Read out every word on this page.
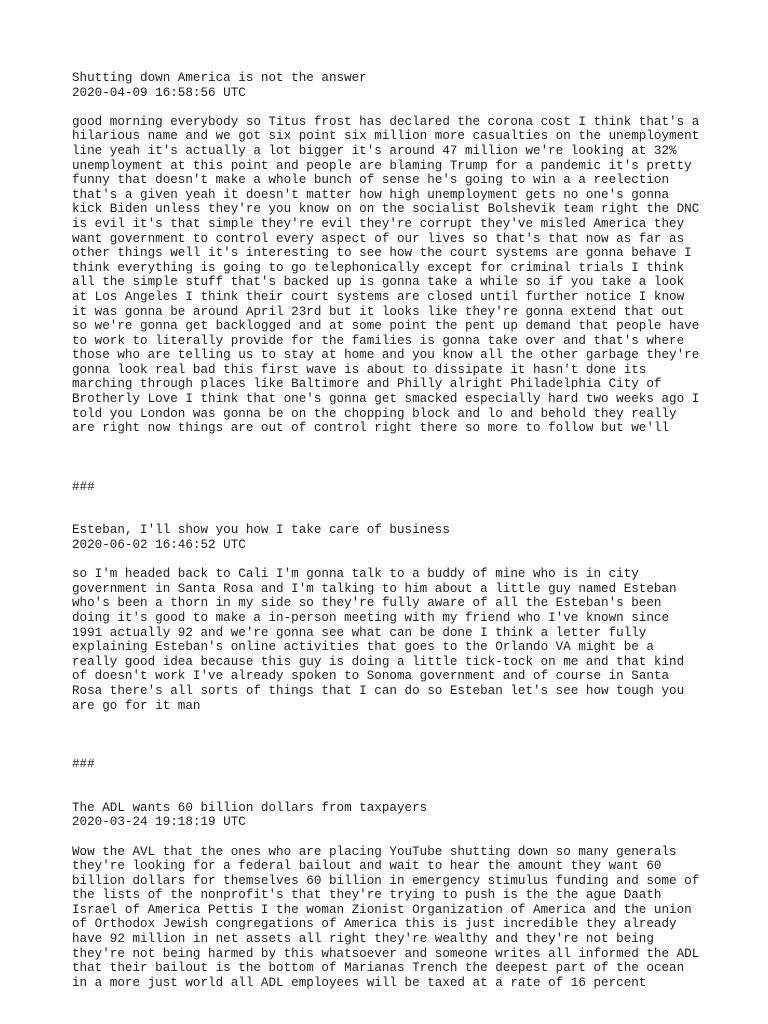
Shutting down America is not the answer

2020-04-09 16:58:56 UTC

good morning everybody so Titus frost has declared the corona cost I think that's a
hilarious name and we got six point six million more casualties on the unemployment
line yeah it's actually a lot bigger it's around 47 million we're looking at 32%
unemployment at this point and people are blaming Trump for a pandemic it's pretty
funny that doesn't make a whole bunch of sense he's going to win a a reelection
that's a given yeah it doesn't matter how high unemployment gets no one's gonna
kick Biden unless they're you know on on the socialist Bolshevik team right the DNC
is evil it's that simple they're evil they're corrupt they've misled America they
want government to control every aspect of our lives so that's that now as far as
other things well it's interesting to see how the court systems are gonna behave I
think everything is going to go telephonically except for criminal trials I think
all the simple stuff that's backed up is gonna take a while so if you take a look
at Los Angeles I think their court systems are closed until further notice I know
it was gonna be around April 23rd but it looks like they're gonna extend that out
so we're gonna get backlogged and at some point the pent up demand that people have
to work to literally provide for the families is gonna take over and that's where
those who are telling us to stay at home and you know all the other garbage they're
gonna look real bad this first wave is about to dissipate it hasn't done its
marching through places like Baltimore and Philly alright Philadelphia City of
Brotherly Love I think that one's gonna get smacked especially hard two weeks ago I
told you London was gonna be on the chopping block and lo and behold they really
are right now things are out of control right there so more to follow but we'll

###

Esteban, I'll show you how I take care of business

2020-06-02 16:46:52 UTC

so I'm headed back to Cali I'm gonna talk to a buddy of mine who is in city
government in Santa Rosa and I'm talking to him about a little guy named Esteban
who's been a thorn in my side so they're fully aware of all the Esteban's been
doing it's good to make a in-person meeting with my friend who I've known since
1991 actually 92 and we're gonna see what can be done I think a letter fully
explaining Esteban's online activities that goes to the Orlando VA might be a
really good idea because this guy is doing a little tick-tock on me and that kind
of doesn't work I've already spoken to Sonoma government and of course in Santa
Rosa there's all sorts of things that I can do so Esteban let's see how tough you
are go for it man

###

The ADL wants 60 billion dollars from taxpayers

2020-03-24 19:18:19 UTC

Wow the AVL that the ones who are placing YouTube shutting down so many generals
they're looking for a federal bailout and wait to hear the amount they want 60
billion dollars for themselves 60 billion in emergency stimulus funding and some of
the lists of the nonprofit's that they're trying to push is the the ague Daath
Israel of America Pettis I the woman Zionist Organization of America and the union
of Orthodox Jewish congregations of America this is just incredible they already
have 92 million in net assets all right they're wealthy and they're not being
they're not being harmed by this whatsoever and someone writes all informed the ADL
that their bailout is the bottom of Marianas Trench the deepest part of the ocean
in a more just world all ADL employees will be taxed at a rate of 16 percent
